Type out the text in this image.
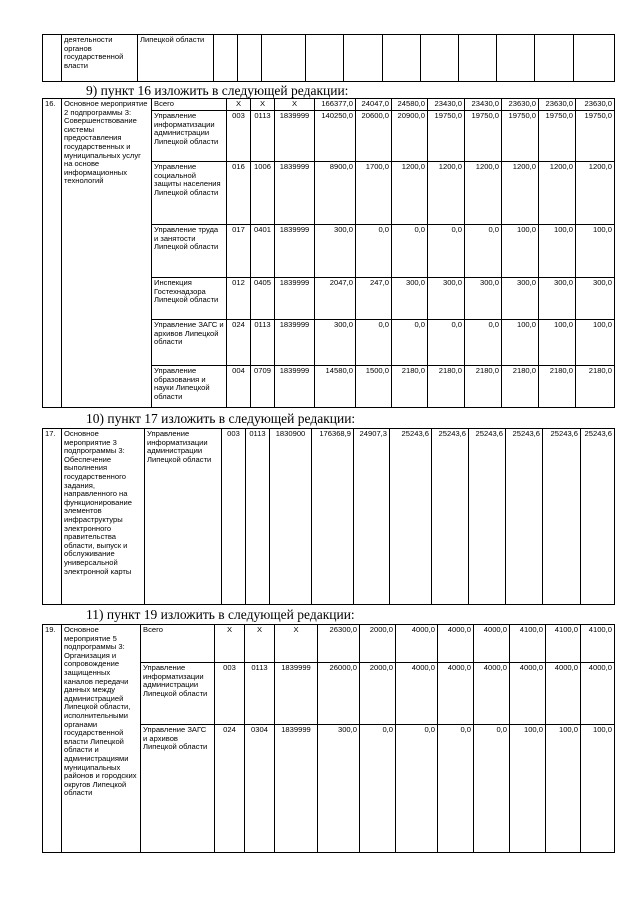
	деятельности органов государственной власти	Липецкой области											
9) пункт 16 изложить в следующей редакции:
16.	Основное мероприятие 2 подпрограммы 3: Совершенствование системы предоставления государственных и муниципальных услуг на основе информационных технологий	Всего	Х	Х	Х	166377,0	24047,0	24580,0	23430,0	23430,0	23630,0	23630,0	23630,0
		Управление информатизации администрации Липецкой области	003	0113	1839999	140250,0	20600,0	20900,0	19750,0	19750,0	19750,0	19750,0	19750,0
		Управление социальной защиты населения Липецкой области	016	1006	1839999	8900,0	1700,0	1200,0	1200,0	1200,0	1200,0	1200,0	1200,0
		Управление труда и занятости Липецкой области	017	0401	1839999	300,0	0,0	0,0	0,0	0,0	100,0	100,0	100,0
		Инспекция Гостехнадзора Липецкой области	012	0405	1839999	2047,0	247,0	300,0	300,0	300,0	300,0	300,0	300,0
		Управление ЗАГС и архивов Липецкой области	024	0113	1839999	300,0	0,0	0,0	0,0	0,0	100,0	100,0	100,0
		Управление образования и науки Липецкой области	004	0709	1839999	14580,0	1500,0	2180,0	2180,0	2180,0	2180,0	2180,0	2180,0
10) пункт 17 изложить в следующей редакции:
17.	Основное мероприятие 3 подпрограммы 3: Обеспечение выполнения государственного задания, направленного на функционирование элементов инфраструктуры электронного правительства области, выпуск и обслуживание универсальной электронной карты	Управление информатизации администрации Липецкой области	003	0113	1830900	176368,9	24907,3	25243,6	25243,6	25243,6	25243,6	25243,6	25243,6
11) пункт 19 изложить в следующей редакции:
19.	Основное мероприятие 5 подпрограммы 3: Организация и сопровождение защищенных каналов передачи данных между администрацией Липецкой области, исполнительными органами государственной власти Липецкой области и администрациями муниципальных районов и городских округов Липецкой области	Всего	Х	Х	Х	26300,0	2000,0	4000,0	4000,0	4000,0	4100,0	4100,0	4100,0
		Управление информатизации администрации Липецкой области	003	0113	1839999	26000,0	2000,0	4000,0	4000,0	4000,0	4000,0	4000,0	4000,0
		Управление ЗАГС и архивов Липецкой области	024	0304	1839999	300,0	0,0	0,0	0,0	0,0	100,0	100,0	100,0
